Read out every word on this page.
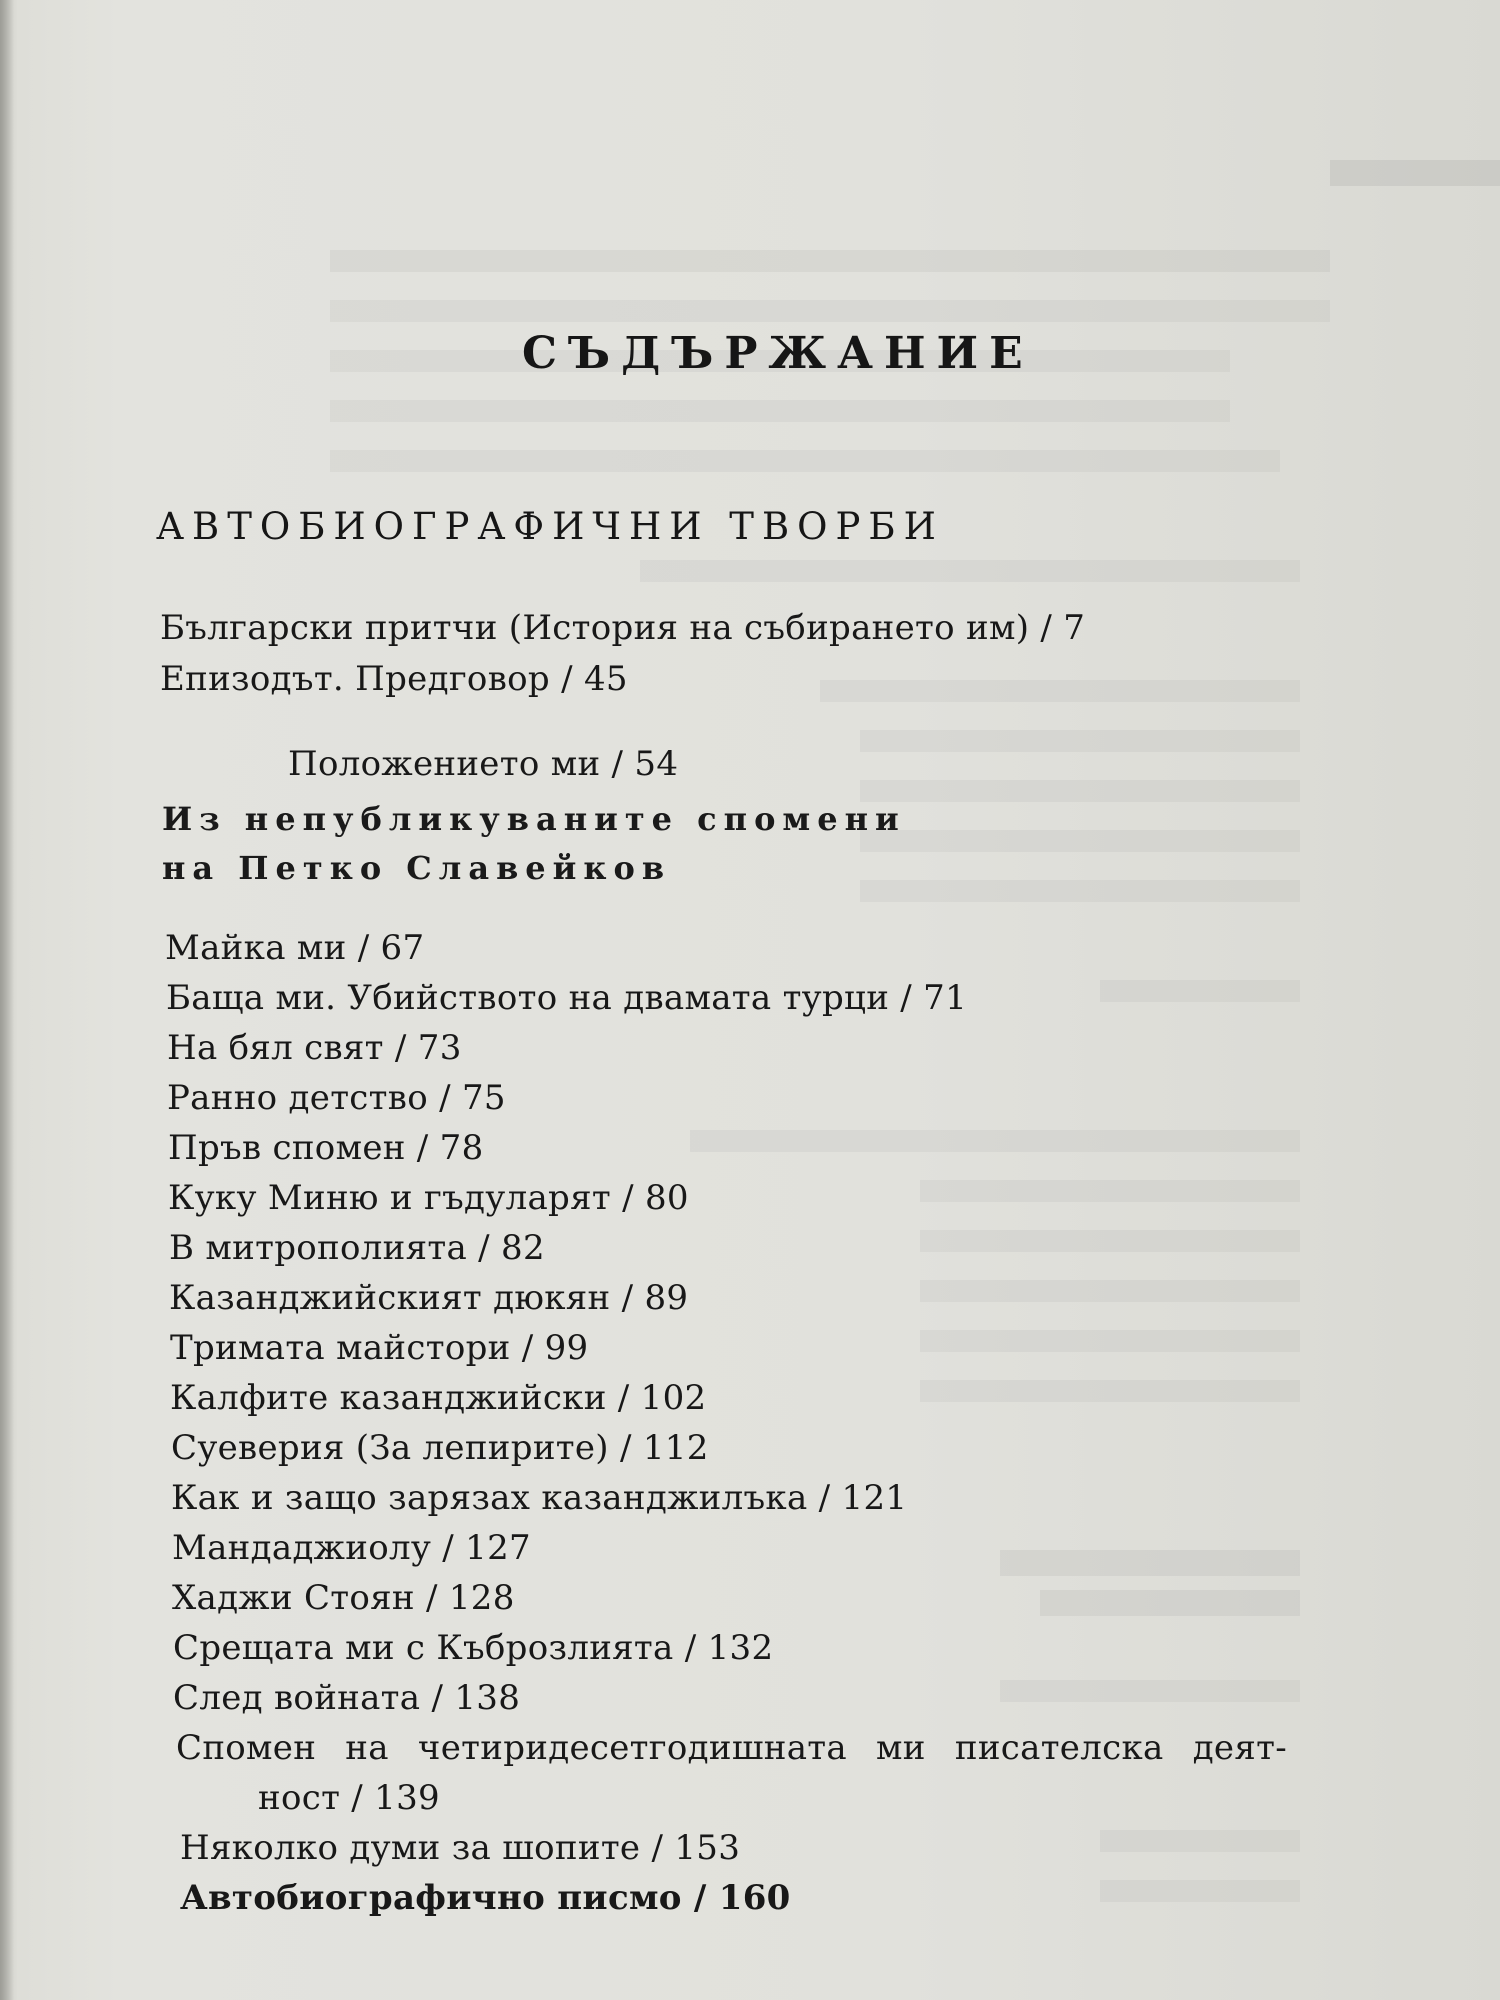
СЪДЪРЖАНИЕ
АВТОБИОГРАФИЧНИ ТВОРБИ

Български притчи (История на събирането им) / 7

Епизодът. Предговор / 45

Положението ми / 54

Из непубликуваните спомени
на Петко Славейков

Майка ми / 67

Баща ми. Убийството на двамата турци / 71

На бял свят / 73

Ранно детство / 75

Пръв спомен / 78

Куку Миню и гъдуларят / 80

В митрополията / 82

Казанджийският дюкян / 89

Тримата майстори / 99

Калфите казанджийски / 102

Суеверия (За лепирите) / 112

Как и защо зарязах казанджилъка / 121

Мандаджиолу / 127

Хаджи Стоян / 128

Срещата ми с Къброзлията / 132

След войната / 138

Спомен на четиридесетгодишната ми писателска деят-

ност / 139

Няколко думи за шопите / 153

Автобиографично писмо / 160
